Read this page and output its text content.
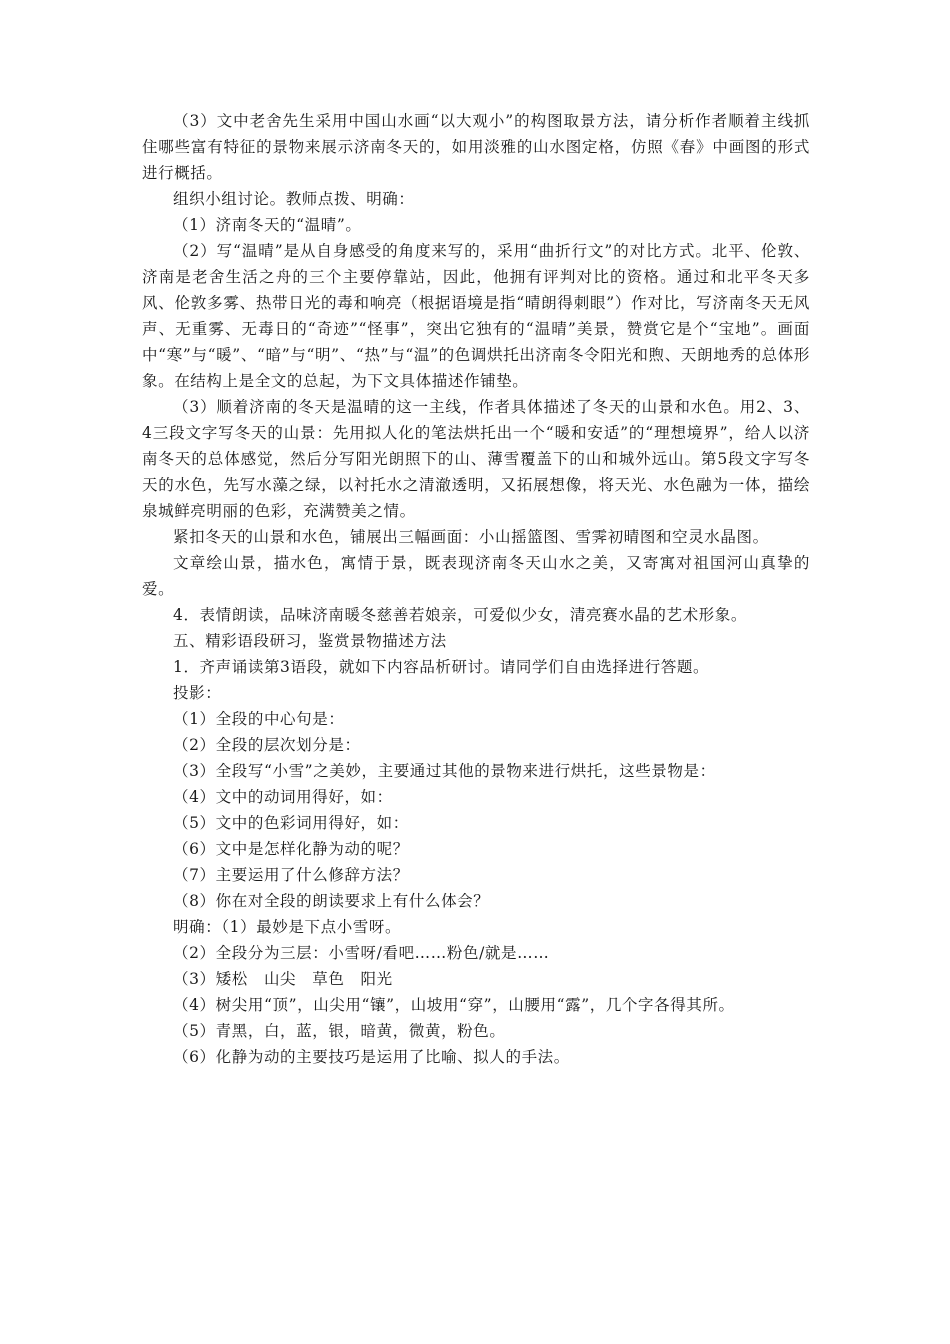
（3）文中老舍先生采用中国山水画“以大观小”的构图取景方法，请分析作者顺着主线抓住哪些富有特征的景物来展示济南冬天的，如用淡雅的山水图定格，仿照《春》中画图的形式进行概括。

组织小组讨论。教师点拨、明确：

（1）济南冬天的“温晴”。

（2）写“温晴”是从自身感受的角度来写的，采用“曲折行文”的对比方式。北平、伦敦、济南是老舍生活之舟的三个主要停靠站，因此，他拥有评判对比的资格。通过和北平冬天多风、伦敦多雾、热带日光的毒和响亮（根据语境是指“晴朗得刺眼”）作对比，写济南冬天无风声、无重雾、无毒日的“奇迹”“怪事”，突出它独有的“温晴”美景，赞赏它是个“宝地”。画面中“寒”与“暖”、“暗”与“明”、“热”与“温”的色调烘托出济南冬令阳光和煦、天朗地秀的总体形象。在结构上是全文的总起，为下文具体描述作铺垫。

（3）顺着济南的冬天是温晴的这一主线，作者具体描述了冬天的山景和水色。用2、3、4三段文字写冬天的山景：先用拟人化的笔法烘托出一个“暖和安适”的“理想境界”，给人以济南冬天的总体感觉，然后分写阳光朗照下的山、薄雪覆盖下的山和城外远山。第5段文字写冬天的水色，先写水藻之绿，以衬托水之清澈透明，又拓展想像，将天光、水色融为一体，描绘泉城鲜亮明丽的色彩，充满赞美之情。

紧扣冬天的山景和水色，铺展出三幅画面：小山摇篮图、雪霁初晴图和空灵水晶图。

文章绘山景，描水色，寓情于景，既表现济南冬天山水之美，又寄寓对祖国河山真挚的爱。

4．表情朗读，品味济南暖冬慈善若娘亲，可爱似少女，清亮赛水晶的艺术形象。

五、精彩语段研习，鉴赏景物描述方法

1．齐声诵读第3语段，就如下内容品析研讨。请同学们自由选择进行答题。

投影：

（1）全段的中心句是：

（2）全段的层次划分是：

（3）全段写“小雪”之美妙，主要通过其他的景物来进行烘托，这些景物是：

（4）文中的动词用得好，如：

（5）文中的色彩词用得好，如：

（6）文中是怎样化静为动的呢？

（7）主要运用了什么修辞方法？

（8）你在对全段的朗读要求上有什么体会？

明确：（1）最妙是下点小雪呀。

（2）全段分为三层：小雪呀/看吧……粉色/就是……

（3）矮松　山尖　草色　阳光

（4）树尖用“顶”，山尖用“镶”，山坡用“穿”，山腰用“露”，几个字各得其所。

（5）青黑，白，蓝，银，暗黄，微黄，粉色。

（6）化静为动的主要技巧是运用了比喻、拟人的手法。
